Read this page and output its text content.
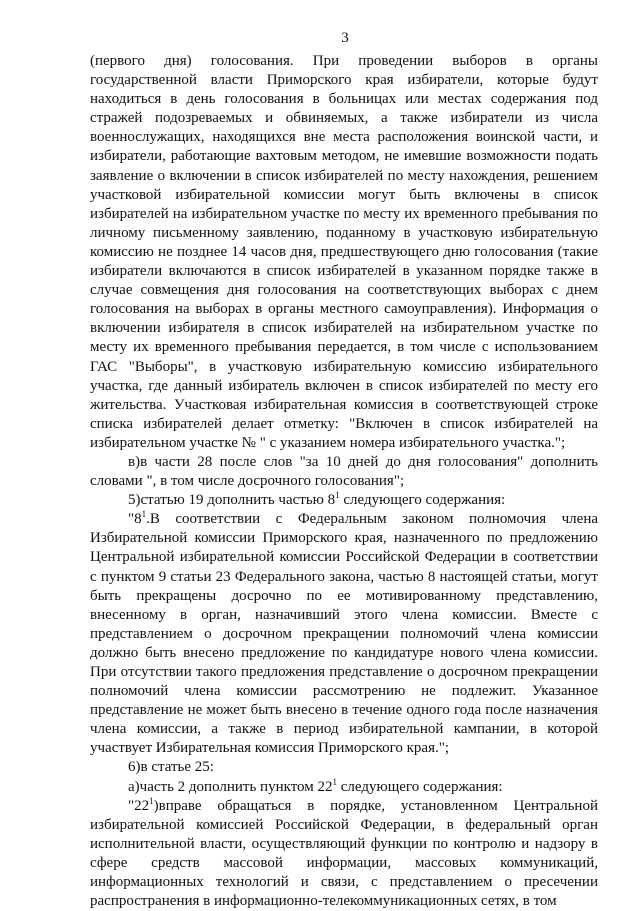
3

(первого дня) голосования. При проведении выборов в органы государственной власти Приморского края избиратели, которые будут находиться в день голосования в больницах или местах содержания под стражей подозреваемых и обвиняемых, а также избиратели из числа военнослужащих, находящихся вне места расположения воинской части, и избиратели, работающие вахтовым методом, не имевшие возможности подать заявление о включении в список избирателей по месту нахождения, решением участковой избирательной комиссии могут быть включены в список избирателей на избирательном участке по месту их временного пребывания по личному письменному заявлению, поданному в участковую избирательную комиссию не позднее 14 часов дня, предшествующего дню голосования (такие избиратели включаются в список избирателей в указанном порядке также в случае совмещения дня голосования на соответствующих выборах с днем голосования на выборах в органы местного самоуправления). Информация о включении избирателя в список избирателей на избирательном участке по месту их временного пребывания передается, в том числе с использованием ГАС "Выборы", в участковую избирательную комиссию избирательного участка, где данный избиратель включен в список избирателей по месту его жительства. Участковая избирательная комиссия в соответствующей строке списка избирателей делает отметку: "Включен в список избирателей на избирательном участке № " с указанием номера избирательного участка.";

в)в части 28 после слов "за 10 дней до дня голосования" дополнить словами ", в том числе досрочного голосования";

5)статью 19 дополнить частью $8^1$ следующего содержания:

"$8^1.В$ соответствии с Федеральным законом полномочия члена Избирательной комиссии Приморского края, назначенного по предложению Центральной избирательной комиссии Российской Федерации в соответствии с пунктом 9 статьи 23 Федерального закона, частью 8 настоящей статьи, могут быть прекращены досрочно по ее мотивированному представлению, внесенному в орган, назначивший этого члена комиссии. Вместе с представлением о досрочном прекращении полномочий члена комиссии должно быть внесено предложение по кандидатуре нового члена комиссии. При отсутствии такого предложения представление о досрочном прекращении полномочий члена комиссии рассмотрению не подлежит. Указанное представление не может быть внесено в течение одного года после назначения члена комиссии, а также в период избирательной кампании, в которой участвует Избирательная комиссия Приморского края.";

6)в статье 25:

а)часть 2 дополнить пунктом $22^1$ следующего содержания:

"$22^1)вправе$ обращаться в порядке, установленном Центральной избирательной комиссией Российской Федерации, в федеральный орган исполнительной власти, осуществляющий функции по контролю и надзору в сфере средств массовой информации, массовых коммуникаций, информационных технологий и связи, с представлением о пресечении распространения в информационно-телекоммуникационных сетях, в том
